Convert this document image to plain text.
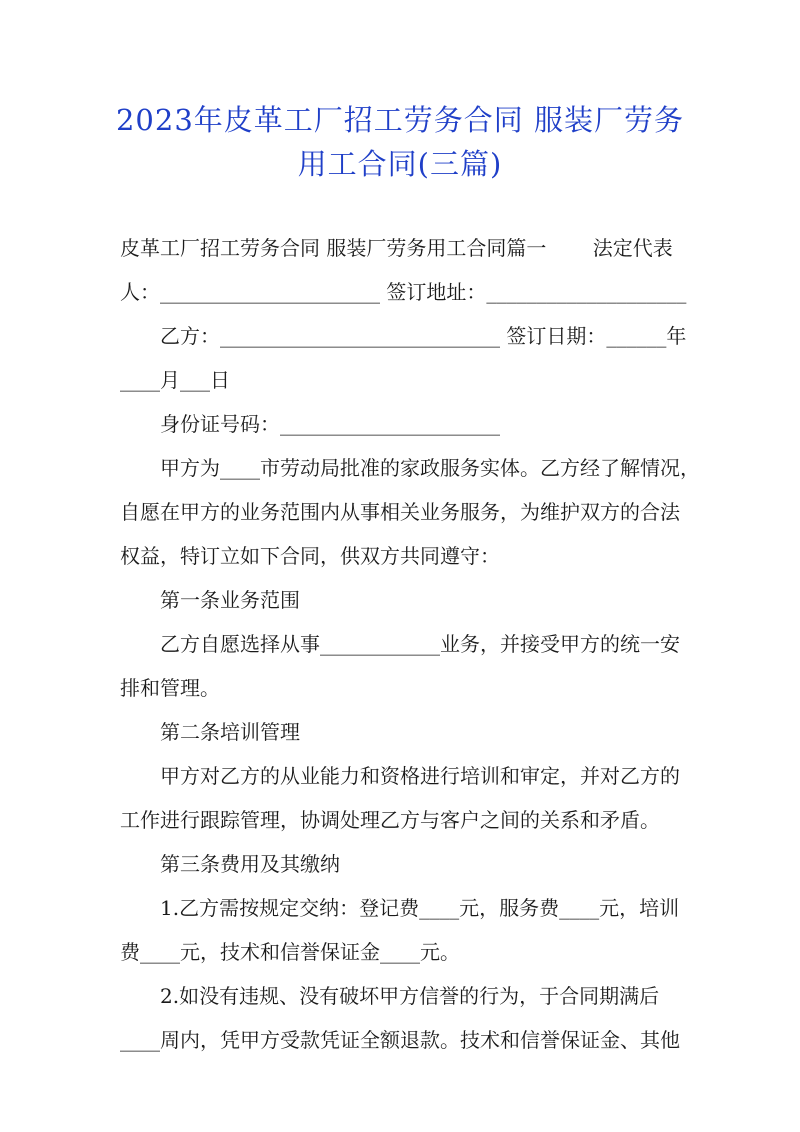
2023年皮革工厂招工劳务合同 服装厂劳务
用工合同(三篇)
皮革工厂招工劳务合同 服装厂劳务用工合同篇一　　 法定代表
人：______________________ 签订地址：____________________
　　乙方：____________________________ 签订日期：______年
____月___日
　　身份证号码：______________________
　　甲方为____市劳动局批准的家政服务实体。乙方经了解情况，
自愿在甲方的业务范围内从事相关业务服务，为维护双方的合法
权益，特订立如下合同，供双方共同遵守：
　　第一条业务范围
　　乙方自愿选择从事____________业务，并接受甲方的统一安
排和管理。
　　第二条培训管理
　　甲方对乙方的从业能力和资格进行培训和审定，并对乙方的
工作进行跟踪管理，协调处理乙方与客户之间的关系和矛盾。
　　第三条费用及其缴纳
　　1.乙方需按规定交纳：登记费____元，服务费____元，培训
费____元，技术和信誉保证金____元。
　　2.如没有违规、没有破坏甲方信誉的行为，于合同期满后
____周内，凭甲方受款凭证全额退款。技术和信誉保证金、其他
